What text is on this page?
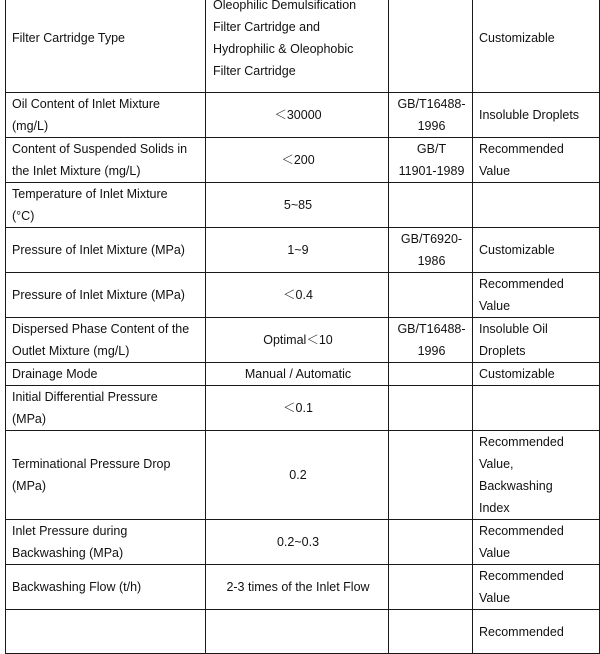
Filter Cartridge Type	Oleophilic Demulsification
Filter Cartridge and
Hydrophilic & Oleophobic
Filter Cartridge		Customizable

Oil Content of Inlet Mixture
(mg/L)	＜30000	GB/T16488-
1996	Insoluble Droplets

Content of Suspended Solids in
the Inlet Mixture (mg/L)	＜200	GB/T
11901-1989	Recommended
Value

Temperature of Inlet Mixture
(°C)	5~85		

Pressure of Inlet Mixture (MPa)	1~9	GB/T6920-
1986	Customizable

Pressure of Inlet Mixture (MPa)	＜0.4		Recommended
Value

Dispersed Phase Content of the
Outlet Mixture (mg/L)	Optimal＜10	GB/T16488-
1996	Insoluble Oil
Droplets

Drainage Mode	Manual / Automatic		Customizable

Initial Differential Pressure
(MPa)	＜0.1		

Terminational Pressure Drop
(MPa)	0.2		Recommended
Value,
Backwashing
Index

Inlet Pressure during
Backwashing (MPa)	0.2~0.3		Recommended
Value

Backwashing Flow (t/h)	2-3 times of the Inlet Flow		Recommended
Value

			Recommended
